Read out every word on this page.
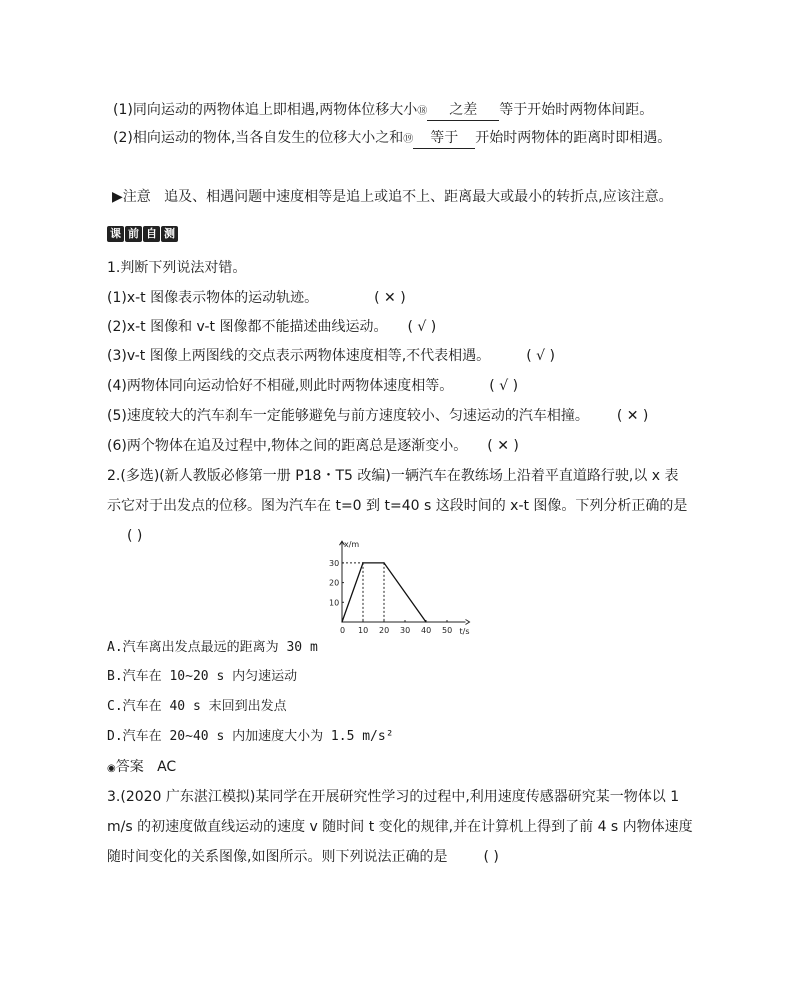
(1)同向运动的两物体追上即相遇,两物体位移大小⑱ 之差 等于开始时两物体间距。
(2)相向运动的物体,当各自发生的位移大小之和⑲ 等于 开始时两物体的距离时即相遇。
▶注意 追及、相遇问题中速度相等是追上或追不上、距离最大或最小的转折点,应该注意。
课 前 自 测
1.判断下列说法对错。
(1)x-t 图像表示物体的运动轨迹。	( ✕ )
(2)x-t 图像和 v-t 图像都不能描述曲线运动。 ( √ )
(3)v-t 图像上两图线的交点表示两物体速度相等,不代表相遇。	( √ )
(4)两物体同向运动恰好不相碰,则此时两物体速度相等。	( √ )
(5)速度较大的汽车刹车一定能够避免与前方速度较小、匀速运动的汽车相撞。 ( ✕ )
(6)两个物体在追及过程中,物体之间的距离总是逐渐变小。 ( ✕ )
2.(多选)(新人教版必修第一册 P18・T5 改编)一辆汽车在教练场上沿着平直道路行驶,以 x 表
示它对于出发点的位移。图为汽车在 t=0 到 t=40 s 这段时间的 x-t 图像。下列分析正确的是
( )
x/m
t/s
0 10 20 30 40 50
10
20
30
A.汽车离出发点最远的距离为 30 m
B.汽车在 10~20 s 内匀速运动
C.汽车在 40 s 末回到出发点
D.汽车在 20~40 s 内加速度大小为 1.5 m/s²
◉答案 AC
3.(2020 广东湛江模拟)某同学在开展研究性学习的过程中,利用速度传感器研究某一物体以 1
m/s 的初速度做直线运动的速度 v 随时间 t 变化的规律,并在计算机上得到了前 4 s 内物体速度
随时间变化的关系图像,如图所示。则下列说法正确的是	( )
